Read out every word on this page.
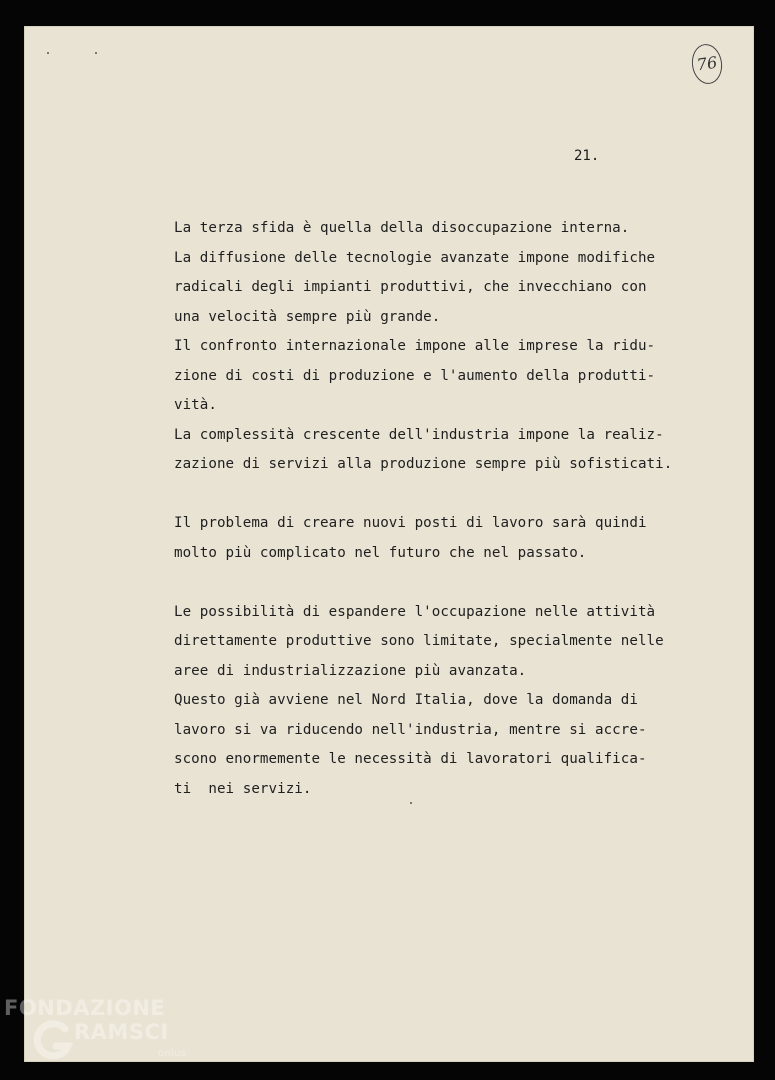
76
21.
La terza sfida è quella della disoccupazione interna.
La diffusione delle tecnologie avanzate impone modifiche
radicali degli impianti produttivi, che invecchiano con
una velocità sempre più grande.
Il confronto internazionale impone alle imprese la ridu-
zione di costi di produzione e l'aumento della produtti-
vità.
La complessità crescente dell'industria impone la realiz-
zazione di servizi alla produzione sempre più sofisticati.
Il problema di creare nuovi posti di lavoro sarà quindi
molto più complicato nel futuro che nel passato.
Le possibilità di espandere l'occupazione nelle attività
direttamente produttive sono limitate, specialmente nelle
aree di industrializzazione più avanzata.
Questo già avviene nel Nord Italia, dove la domanda di
lavoro si va riducendo nell'industria, mentre si accre-
scono enormemente le necessità di lavoratori qualifica-
ti  nei servizi.
FONDAZIONE
RAMSCI
onlus
